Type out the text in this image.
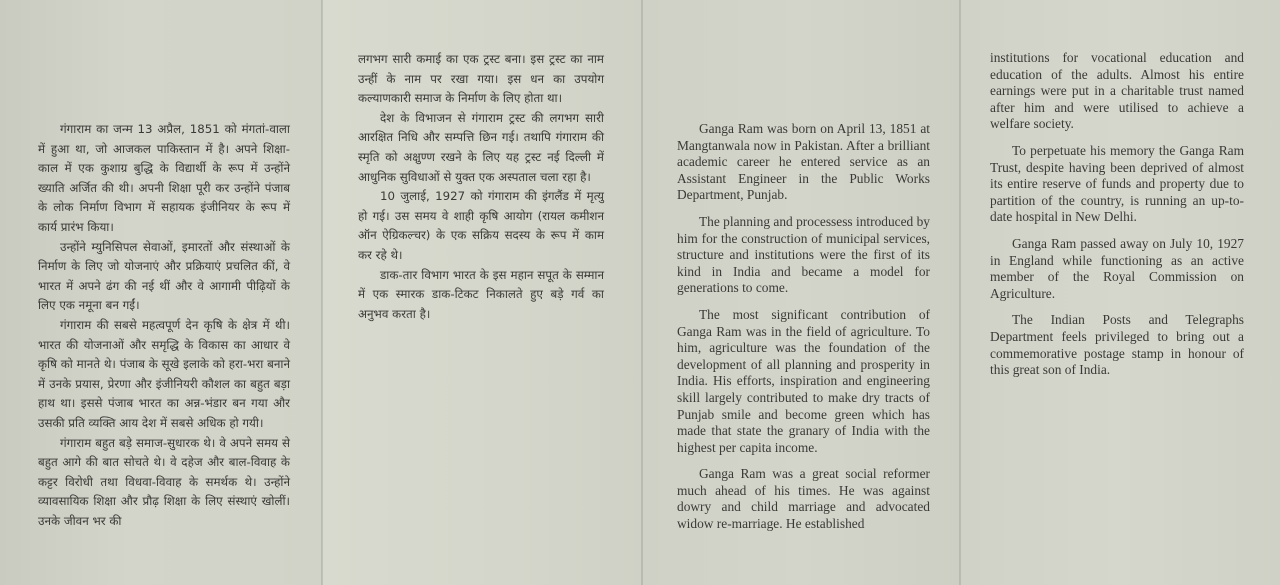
गंगाराम का जन्म 13 अप्रैल, 1851 को मंगतां-वाला में हुआ था, जो आजकल पाकिस्तान में है। अपने शिक्षा-काल में एक कुशाग्र बुद्धि के विद्यार्थी के रूप में उन्होंने ख्याति अर्जित की थी। अपनी शिक्षा पूरी कर उन्होंने पंजाब के लोक निर्माण विभाग में सहायक इंजीनियर के रूप में कार्य प्रारंभ किया।

उन्होंने म्युनिसिपल सेवाओं, इमारतों और संस्थाओं के निर्माण के लिए जो योजनाएं और प्रक्रियाएं प्रचलित कीं, वे भारत में अपने ढंग की नई थीं और वे आगामी पीढ़ियों के लिए एक नमूना बन गईं।

गंगाराम की सबसे महत्वपूर्ण देन कृषि के क्षेत्र में थी। भारत की योजनाओं और समृद्धि के विकास का आधार वे कृषि को मानते थे। पंजाब के सूखे इलाके को हरा-भरा बनाने में उनके प्रयास, प्रेरणा और इंजीनियरी कौशल का बहुत बड़ा हाथ था। इससे पंजाब भारत का अन्न-भंडार बन गया और उसकी प्रति व्यक्ति आय देश में सबसे अधिक हो गयी।

गंगाराम बहुत बड़े समाज-सुधारक थे। वे अपने समय से बहुत आगे की बात सोचते थे। वे दहेज और बाल-विवाह के कट्टर विरोधी तथा विधवा-विवाह के समर्थक थे। उन्होंने व्यावसायिक शिक्षा और प्रौढ़ शिक्षा के लिए संस्थाएं खोलीं। उनके जीवन भर की

लगभग सारी कमाई का एक ट्रस्ट बना। इस ट्रस्ट का नाम उन्हीं के नाम पर रखा गया। इस धन का उपयोग कल्याणकारी समाज के निर्माण के लिए होता था।

देश के विभाजन से गंगाराम ट्रस्ट की लगभग सारी आरक्षित निधि और सम्पत्ति छिन गई। तथापि गंगाराम की स्मृति को अक्षुण्ण रखने के लिए यह ट्रस्ट नई दिल्ली में आधुनिक सुविधाओं से युक्त एक अस्पताल चला रहा है।

10 जुलाई, 1927 को गंगाराम की इंगलैंड में मृत्यु हो गई। उस समय वे शाही कृषि आयोग (रायल कमीशन ऑन ऐग्रिकल्चर) के एक सक्रिय सदस्य के रूप में काम कर रहे थे।

डाक-तार विभाग भारत के इस महान सपूत के सम्मान में एक स्मारक डाक-टिकट निकालते हुए बड़े गर्व का अनुभव करता है।

Ganga Ram was born on April 13, 1851 at Mangtanwala now in Pakistan. After a brilliant academic career he entered service as an Assistant Engineer in the Public Works Department, Punjab.

The planning and processess introduced by him for the construction of municipal services, structure and institutions were the first of its kind in India and became a model for generations to come.

The most significant contribution of Ganga Ram was in the field of agriculture. To him, agriculture was the foundation of the development of all planning and prosperity in India. His efforts, inspiration and engineering skill largely contributed to make dry tracts of Punjab smile and become green which has made that state the granary of India with the highest per capita income.

Ganga Ram was a great social reformer much ahead of his times. He was against dowry and child marriage and advocated widow re-marriage. He established

institutions for vocational education and education of the adults. Almost his entire earnings were put in a charitable trust named after him and were utilised to achieve a welfare society.

To perpetuate his memory the Ganga Ram Trust, despite having been deprived of almost its entire reserve of funds and property due to partition of the country, is running an up-to-date hospital in New Delhi.

Ganga Ram passed away on July 10, 1927 in England while functioning as an active member of the Royal Commission on Agriculture.

The Indian Posts and Telegraphs Department feels privileged to bring out a commemorative postage stamp in honour of this great son of India.
